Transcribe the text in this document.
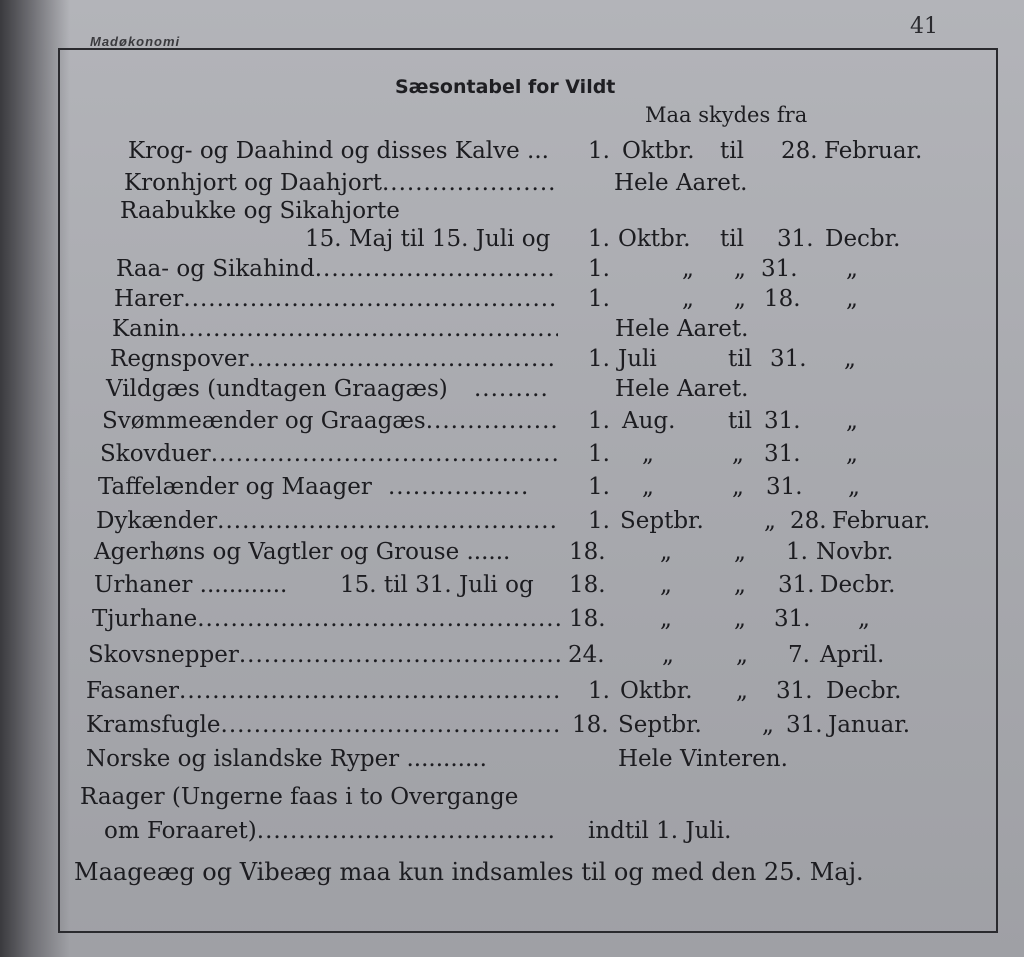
Madøkonomi
41
Sæsontabel for Vildt
Maa skydes fra
Krog- og Daahind og disses Kalve ... 1. Oktbr. til 28. Februar.
Kronhjort og Daahjort .....	Hele Aaret.
Raabukke og Sikahjorte
15. Maj til 15. Juli og 1. Oktbr. til 31. Decbr.
Raa- og Sikahind .....	1.	„ „ 31. „
Harer .....	1.	„ „ 18. „
Kanin .....	Hele Aaret.
Regnspover .....	1. Juli	til 31. „
Vildgæs (undtagen Graagæs) .........	Hele Aaret.
Svømmeænder og Graagæs .....	1. Aug. til 31. „
Skovduer .....	1. „	„ 31. „
Taffelænder og Maager .................	1. „	„ 31. „
Dykænder .....	1. Septbr.	„ 28. Februar.
Agerhøns og Vagtler og Grouse ......	18. „	„ 1. Novbr.
Urhaner ............ 15. til 31. Juli og 18. „	„ 31. Decbr.
Tjurhane .....	18. „	„ 31. „
Skovsnepper .....	24. „	„ 7. April.
Fasaner .....	1. Oktbr. „ 31. Decbr.
Kramsfugle .....	18. Septbr.	„ 31. Januar.
Norske og islandske Ryper ...........	Hele Vinteren.
Raager (Ungerne faas i to Overgange
om Foraaret) .....	indtil 1. Juli.
Maageæg og Vibeæg maa kun indsamles til og med den 25. Maj.
